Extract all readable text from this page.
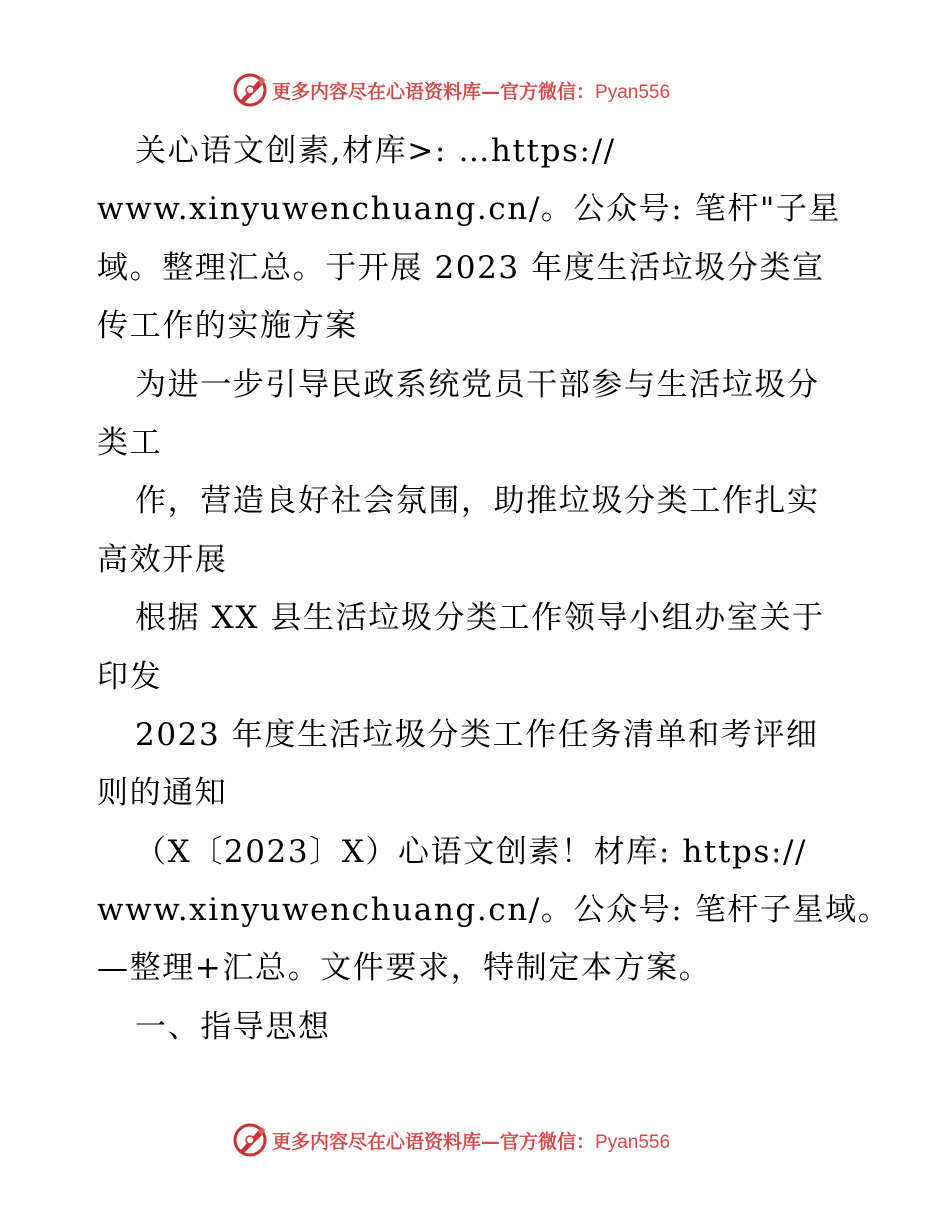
更多内容尽在心语资料库—官方微信：Pyan556
关心语文创素,材库>: …https://
www.xinyuwenchuang.cn/。公众号: 笔杆"子星
域。整理汇总。于开展 2023 年度生活垃圾分类宣
传工作的实施方案
为进一步引导民政系统党员干部参与生活垃圾分
类工
作，营造良好社会氛围，助推垃圾分类工作扎实
高效开展
根据 XX 县生活垃圾分类工作领导小组办室关于
印发
2023 年度生活垃圾分类工作任务清单和考评细
则的通知
（X〔2023〕X）心语文创素！材库: https://
www.xinyuwenchuang.cn/。公众号: 笔杆子星域。
—整理+汇总。文件要求，特制定本方案。
一、指导思想
更多内容尽在心语资料库—官方微信：Pyan556
